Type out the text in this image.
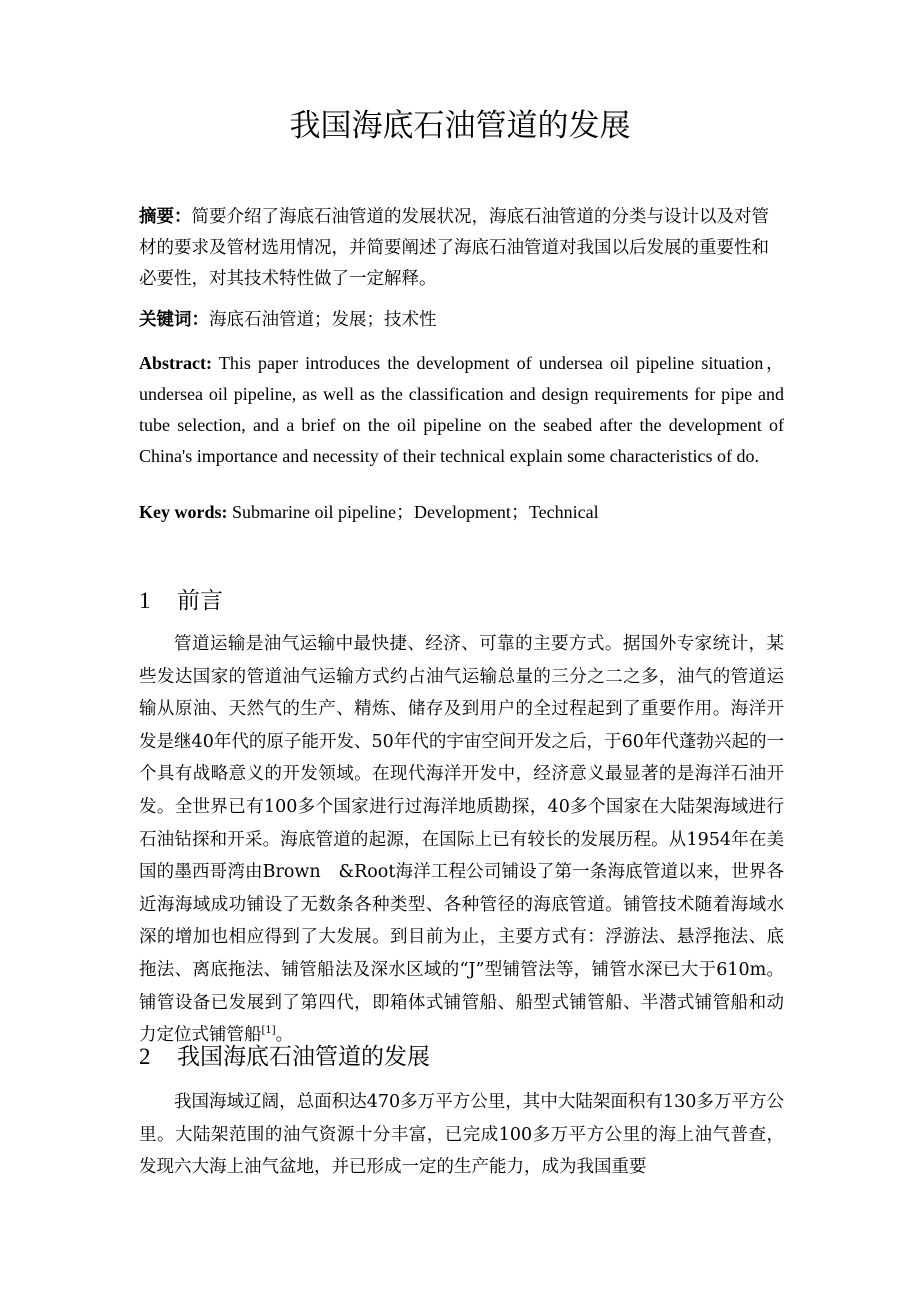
我国海底石油管道的发展
摘要：简要介绍了海底石油管道的发展状况，海底石油管道的分类与设计以及对管材的要求及管材选用情况，并简要阐述了海底石油管道对我国以后发展的重要性和必要性，对其技术特性做了一定解释。
关键词：海底石油管道；发展；技术性
Abstract: This paper introduces the development of undersea oil pipeline situation，undersea oil pipeline, as well as the classification and design requirements for pipe and tube selection, and a brief on the oil pipeline on the seabed after the development of China's importance and necessity of their technical explain some characteristics of do.
Key words: Submarine oil pipeline；Development；Technical
1 前言

管道运输是油气运输中最快捷、经济、可靠的主要方式。据国外专家统计，某些发达国家的管道油气运输方式约占油气运输总量的三分之二之多，油气的管道运输从原油、天然气的生产、精炼、储存及到用户的全过程起到了重要作用。海洋开发是继40年代的原子能开发、50年代的宇宙空间开发之后，于60年代蓬勃兴起的一个具有战略意义的开发领域。在现代海洋开发中，经济意义最显著的是海洋石油开发。全世界已有100多个国家进行过海洋地质勘探，40多个国家在大陆架海域进行石油钻探和开采。海底管道的起源，在国际上已有较长的发展历程。从1954年在美国的墨西哥湾由Brown　&Root海洋工程公司铺设了第一条海底管道以来，世界各近海海域成功铺设了无数条各种类型、各种管径的海底管道。铺管技术随着海域水深的增加也相应得到了大发展。到目前为止，主要方式有：浮游法、悬浮拖法、底拖法、离底拖法、铺管船法及深水区域的“J”型铺管法等，铺管水深已大于610m。铺管设备已发展到了第四代，即箱体式铺管船、船型式铺管船、半潜式铺管船和动力定位式铺管船[1]。

2 我国海底石油管道的发展

我国海域辽阔，总面积达470多万平方公里，其中大陆架面积有130多万平方公里。大陆架范围的油气资源十分丰富，已完成100多万平方公里的海上油气普查，发现六大海上油气盆地，并已形成一定的生产能力，成为我国重要
